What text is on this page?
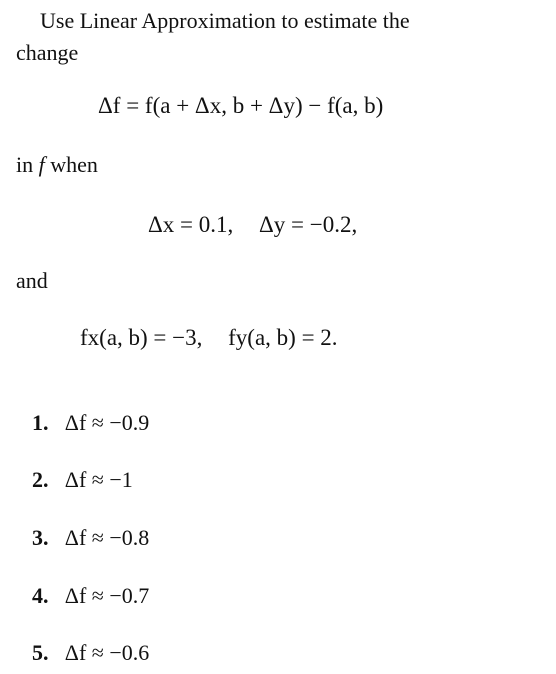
Use Linear Approximation to estimate the
change
Δf = f(a + Δx, b + Δy) − f(a, b)
in f when
Δx = 0.1, Δy = −0.2,
and
fx(a, b) = −3, fy(a, b) = 2.
1. Δf ≈ −0.9
2. Δf ≈ −1
3. Δf ≈ −0.8
4. Δf ≈ −0.7
5. Δf ≈ −0.6
